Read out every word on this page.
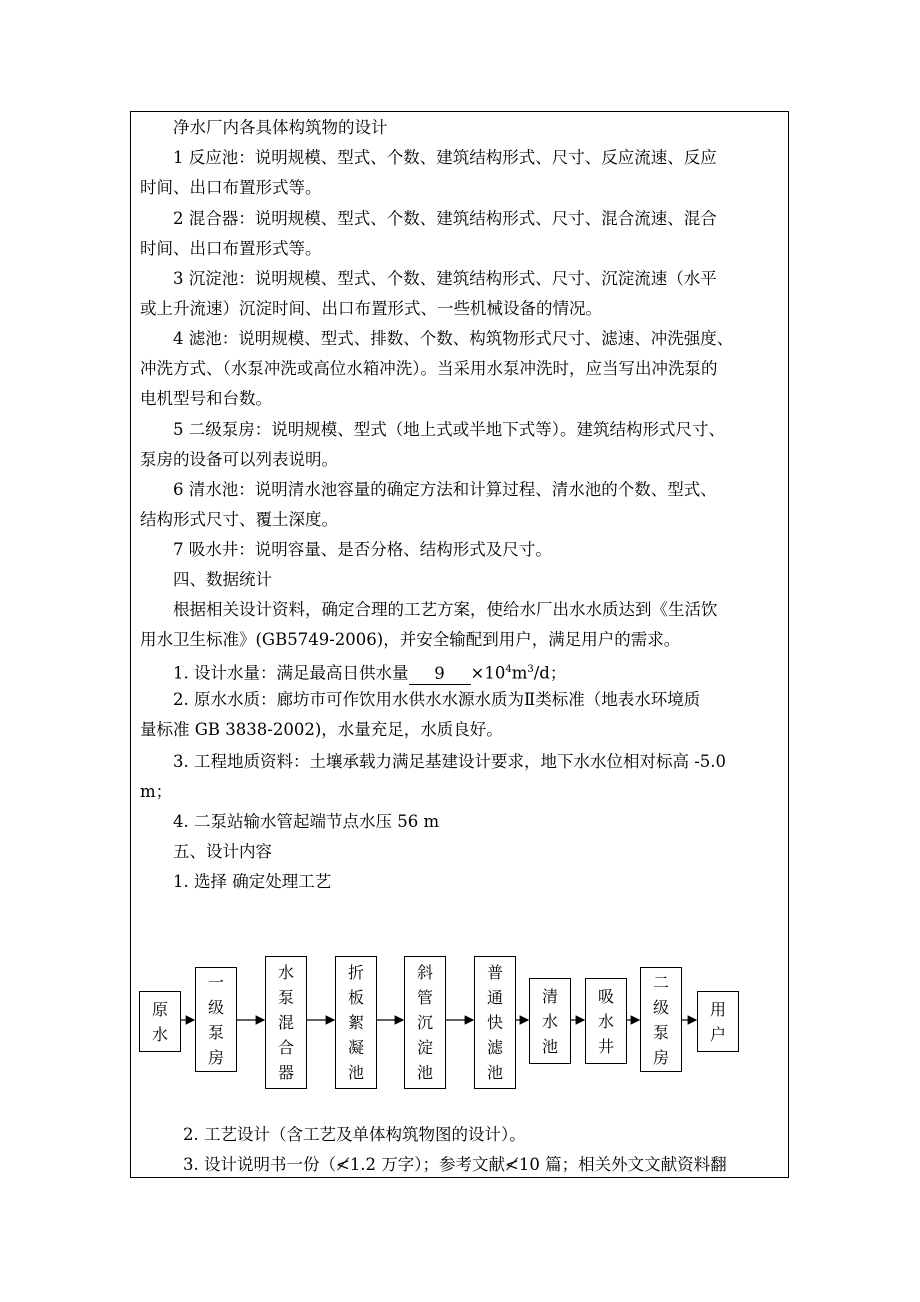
净水厂内各具体构筑物的设计
1 反应池：说明规模、型式、个数、建筑结构形式、尺寸、反应流速、反应
时间、出口布置形式等。
2 混合器：说明规模、型式、个数、建筑结构形式、尺寸、混合流速、混合
时间、出口布置形式等。
3 沉淀池：说明规模、型式、个数、建筑结构形式、尺寸、沉淀流速（水平
或上升流速）沉淀时间、出口布置形式、一些机械设备的情况。
4 滤池：说明规模、型式、排数、个数、构筑物形式尺寸、滤速、冲洗强度、
冲洗方式、（水泵冲洗或高位水箱冲洗）。当采用水泵冲洗时，应当写出冲洗泵的
电机型号和台数。
5 二级泵房：说明规模、型式（地上式或半地下式等）。建筑结构形式尺寸、
泵房的设备可以列表说明。
6 清水池：说明清水池容量的确定方法和计算过程、清水池的个数、型式、
结构形式尺寸、覆土深度。
7 吸水井：说明容量、是否分格、结构形式及尺寸。
四、数据统计
根据相关设计资料，确定合理的工艺方案，使给水厂出水水质达到《生活饮
用水卫生标准》(GB5749-2006)，并安全输配到用户，满足用户的需求。
1. 设计水量：满足最高日供水量 $9 \times 10^4m^3/d$；
2. 原水水质：廊坊市可作饮用水供水水源水质为Ⅱ类标准（地表水环境质
量标准 GB 3838-2002)，水量充足，水质良好。
3. 工程地质资料：土壤承载力满足基建设计要求，地下水水位相对标高 -5.0
m；
4. 二泵站输水管起端节点水压 56 m
五、设计内容
1. 选择 确定处理工艺
原
水
一
级
泵
房
水
泵
混
合
器
折
板
絮
凝
池
斜
管
沉
淀
池
普
通
快
滤
池
清
水
池
吸
水
井
二
级
泵
房
用
户
2. 工艺设计（含工艺及单体构筑物图的设计）。
3. 设计说明书一份（≮1.2 万字）；参考文献≮10 篇；相关外文文献资料翻
